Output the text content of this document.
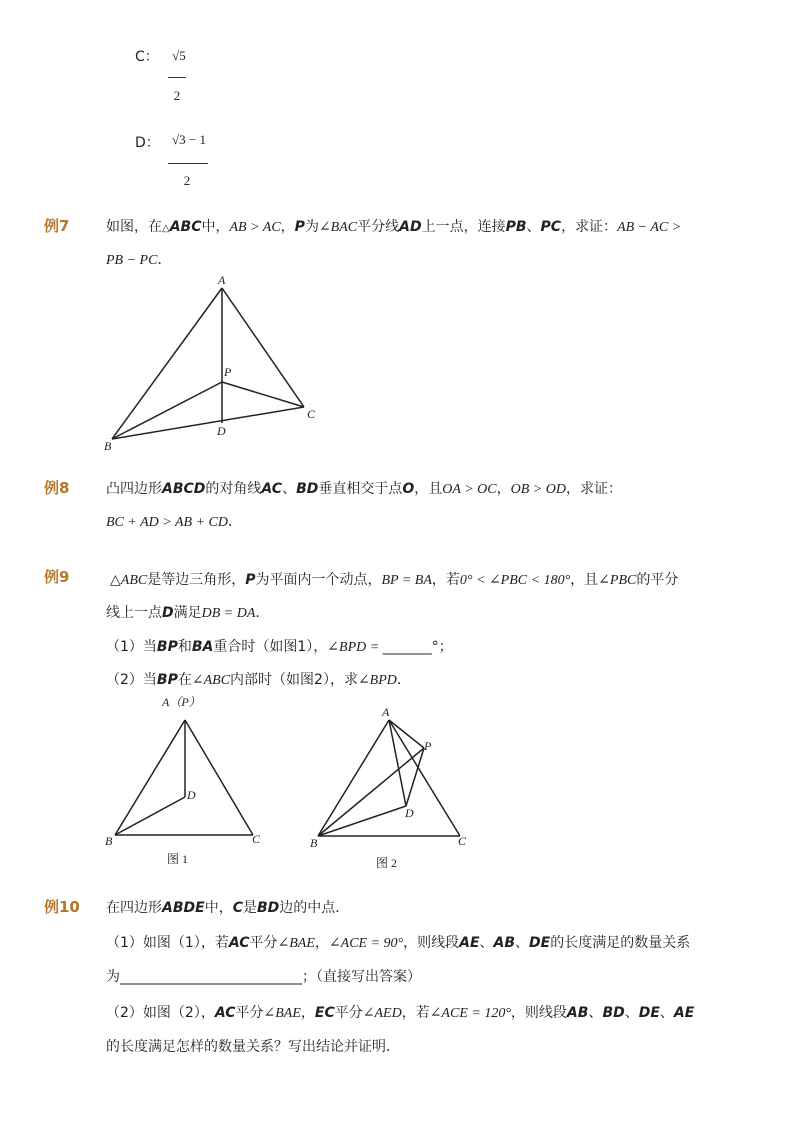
C：	√5
2
D： √3 − 1
2
例7	如图，在△ABC中，AB > AC，P为∠BAC平分线AD上一点，连接PB、PC，求证：AB − AC >
PB − PC．
A
P
B
C
D
例8	凸四边形ABCD的对角线AC、BD垂直相交于点O，且OA > OC，OB > OD，求证：
BC + AD > AB + CD．
例9	△ABC是等边三角形，P为平面内一个动点，BP = BA，若0° < ∠PBC < 180°，且∠PBC的平分
线上一点D满足DB = DA．
（1）当BP和BA重合时（如图1），∠BPD = _______°；
（2）当BP在∠ABC内部时（如图2），求∠BPD．
A（P）
D
B	C
图 1
A
P
D
B	C
图 2
例10 在四边形ABDE中，C是BD边的中点．
（1）如图（1），若AC平分∠BAE，∠ACE = 90°，则线段AE、AB、DE的长度满足的数量关系
为__________________________；（直接写出答案）
（2）如图（2），AC平分∠BAE，EC平分∠AED，若∠ACE = 120°，则线段AB、BD、DE、AE
的长度满足怎样的数量关系？写出结论并证明．
